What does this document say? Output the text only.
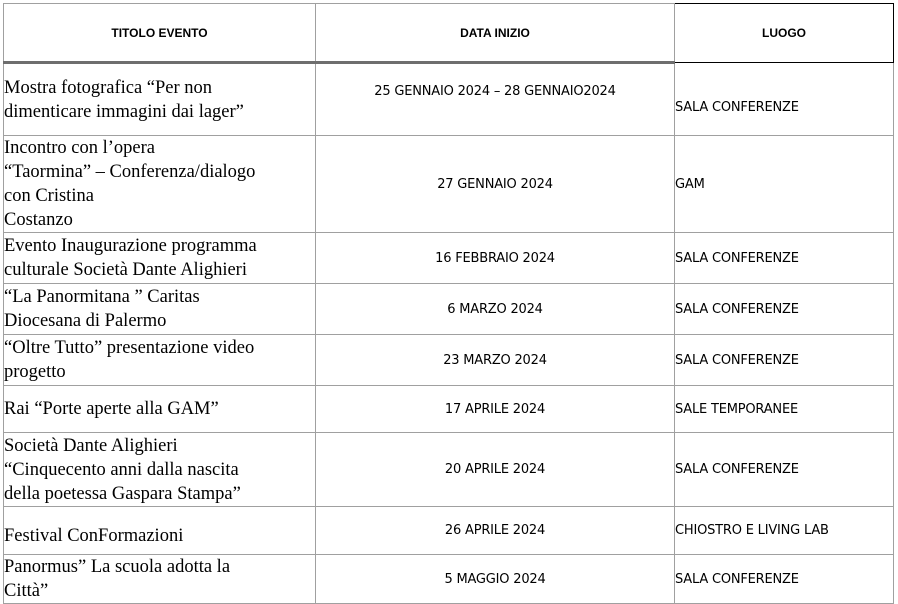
TITOLO EVENTO	DATA INIZIO	LUOGO

Mostra fotografica “Per non
dimenticare immagini dai lager”	25 GENNAIO 2024 – 28 GENNAIO2024	SALA CONFERENZE

Incontro con l’opera
“Taormina” – Conferenza/dialogo
con Cristina
Costanzo	27 GENNAIO 2024	GAM

Evento Inaugurazione programma
culturale Società Dante Alighieri	16 FEBBRAIO 2024	SALA CONFERENZE

“La Panormitana ” Caritas
Diocesana di Palermo	6 MARZO 2024	SALA CONFERENZE

“Oltre Tutto” presentazione video
progetto	23 MARZO 2024	SALA CONFERENZE

Rai “Porte aperte alla GAM”	17 APRILE 2024	SALE TEMPORANEE

Società Dante Alighieri
“Cinquecento anni dalla nascita
della poetessa Gaspara Stampa”	20 APRILE 2024	SALA CONFERENZE

Festival ConFormazioni	26 APRILE 2024	CHIOSTRO E LIVING LAB

Panormus” La scuola adotta la
Città”	5 MAGGIO 2024	SALA CONFERENZE
